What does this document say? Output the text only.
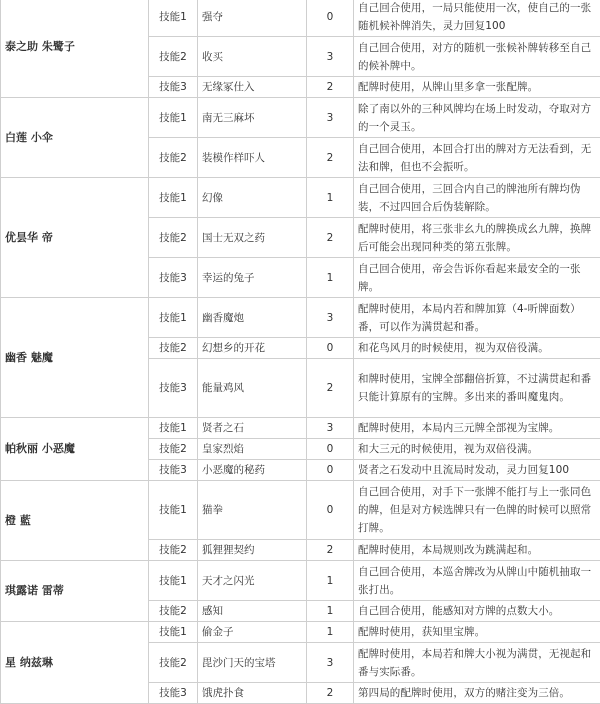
泰之助 朱鹭子	技能1	强夺	0	自己回合使用，一局只能使用一次，使自己的一张随机候补牌消失，灵力回复100
	技能2	收买	3	自己回合使用，对方的随机一张候补牌转移至自己的候补牌中。
	技能3	无缘冢仕入	2	配牌时使用，从牌山里多拿一张配牌。
白莲 小伞	技能1	南无三麻坏	3	除了南以外的三种风牌均在场上时发动，夺取对方的一个灵玉。
	技能2	装模作样吓人	2	自己回合使用，本回合打出的牌对方无法看到，无法和牌，但也不会振听。
优昙华 帝	技能1	幻像	1	自己回合使用，三回合内自己的牌池所有牌均伪装，不过四回合后伪装解除。
	技能2	国士无双之药	2	配牌时使用，将三张非幺九的牌换成幺九牌，换牌后可能会出现同种类的第五张牌。
	技能3	幸运的兔子	1	自己回合使用，帝会告诉你看起来最安全的一张牌。
幽香 魅魔	技能1	幽香魔炮	3	配牌时使用，本局内若和牌加算（4-听牌面数）番，可以作为满贯起和番。
	技能2	幻想乡的开花	0	和花鸟风月的时候使用，视为双倍役满。
	技能3	能量鸡风	2	和牌时使用，宝牌全部翻倍折算，不过满贯起和番只能计算原有的宝牌。多出来的番叫魔鬼肉。
帕秋丽 小恶魔	技能1	贤者之石	3	配牌时使用，本局内三元牌全部视为宝牌。
	技能2	皇家烈焰	0	和大三元的时候使用，视为双倍役满。
	技能3	小恶魔的秘药	0	贤者之石发动中且流局时发动，灵力回复100
橙 藍	技能1	猫拳	0	自己回合使用，对手下一张牌不能打与上一张同色的牌，但是对方候选牌只有一色牌的时候可以照常打牌。
	技能2	狐狸狸契约	2	配牌时使用，本局规则改为跳满起和。
琪露诺 雷蒂	技能1	天才之闪光	1	自己回合使用，本巡舍牌改为从牌山中随机抽取一张打出。
	技能2	感知	1	自己回合使用，能感知对方牌的点数大小。
星 纳兹琳	技能1	偷金子	1	配牌时使用，获知里宝牌。
	技能2	毘沙门天的宝塔	3	配牌时使用，本局若和牌大小视为满贯，无视起和番与实际番。
	技能3	饿虎扑食	2	第四局的配牌时使用，双方的赌注变为三倍。
